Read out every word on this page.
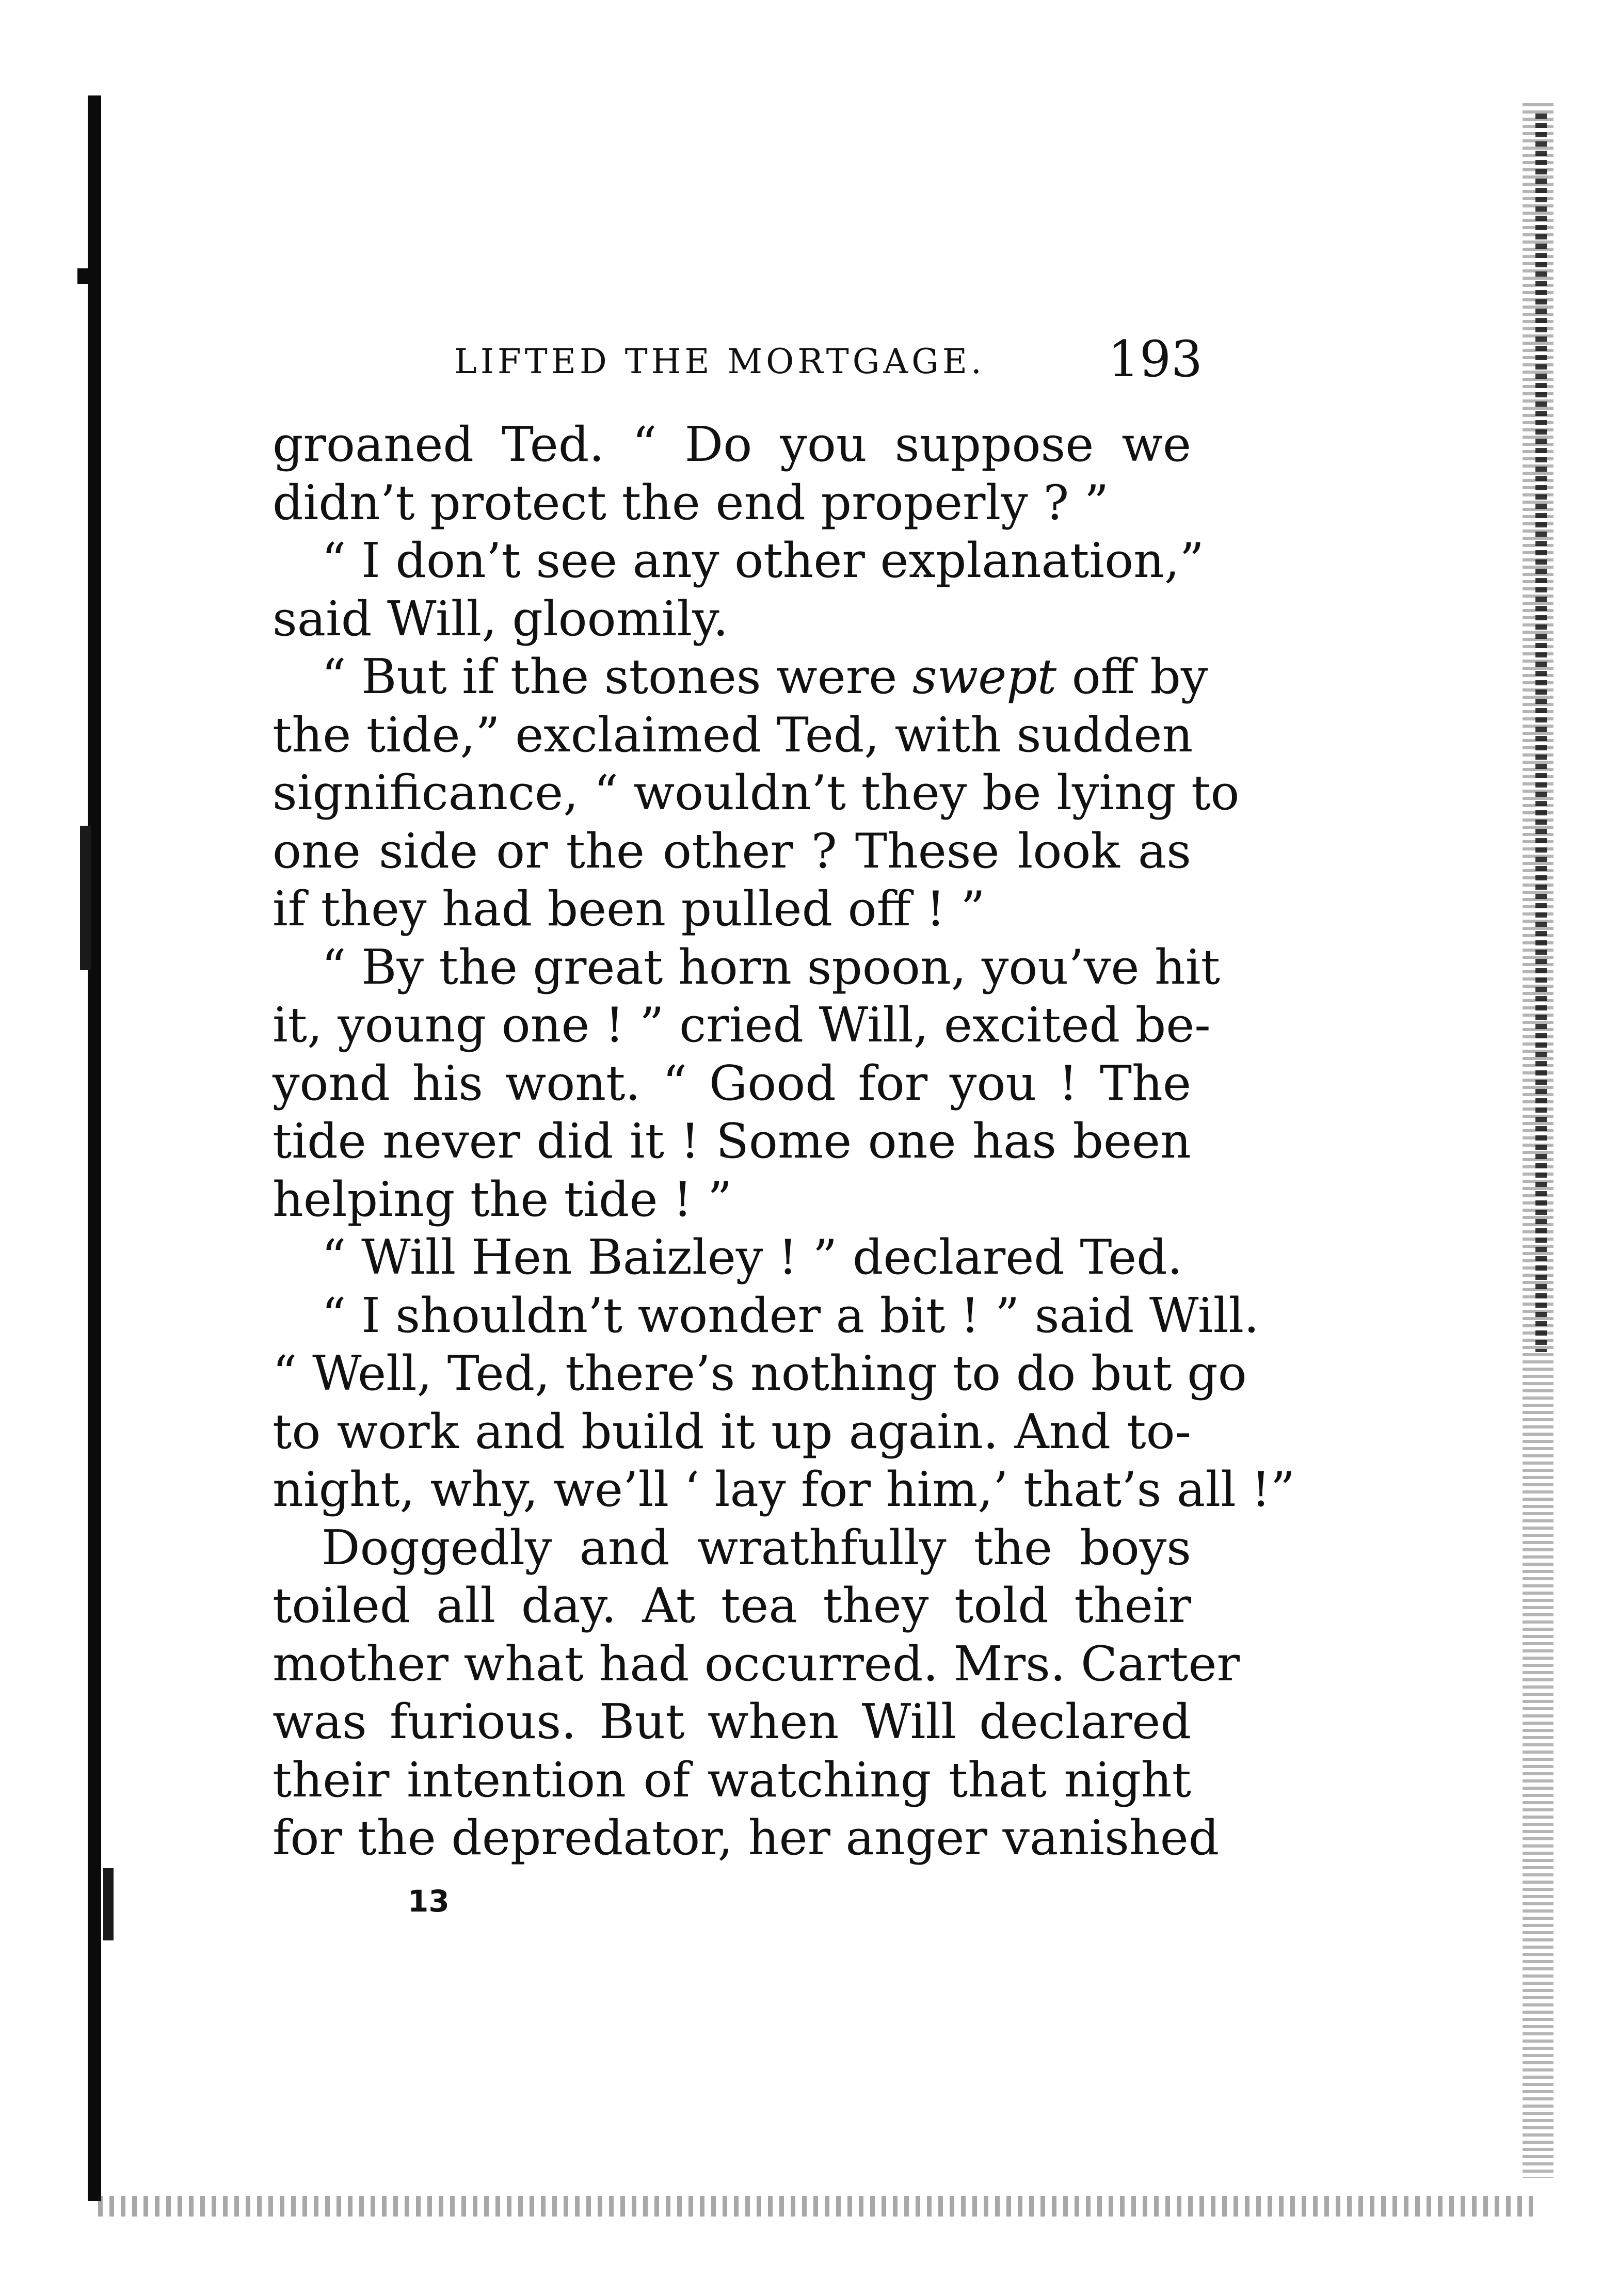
LIFTED THE MORTGAGE. 193
groaned Ted. “ Do you suppose we
didn’t protect the end properly ? ”
“ I don’t see any other explanation,”
said Will, gloomily.
“ But if the stones were swept off by
the tide,” exclaimed Ted, with sudden
significance, “ wouldn’t they be lying to
one side or the other ? These look as
if they had been pulled off ! ”
“ By the great horn spoon, you’ve hit
it, young one ! ” cried Will, excited be-
yond his wont. “ Good for you ! The
tide never did it ! Some one has been
helping the tide ! ”
“ Will Hen Baizley ! ” declared Ted.
“ I shouldn’t wonder a bit ! ” said Will.
“ Well, Ted, there’s nothing to do but go
to work and build it up again. And to-
night, why, we’ll ‘ lay for him,’ that’s all !”
Doggedly and wrathfully the boys
toiled all day. At tea they told their
mother what had occurred. Mrs. Carter
was furious. But when Will declared
their intention of watching that night
for the depredator, her anger vanished
13
